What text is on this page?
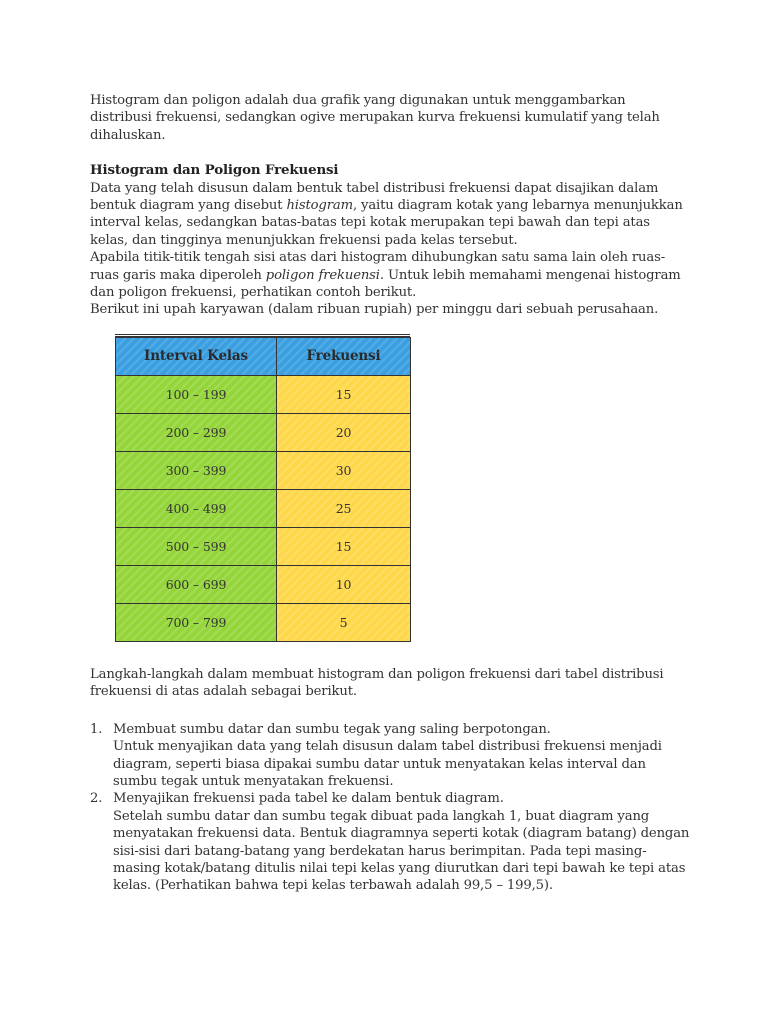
Histogram dan poligon adalah dua grafik yang digunakan untuk menggambarkan distribusi frekuensi, sedangkan ogive merupakan kurva frekuensi kumulatif yang telah dihaluskan.

Histogram dan Poligon Frekuensi

Data yang telah disusun dalam bentuk tabel distribusi frekuensi dapat disajikan dalam bentuk diagram yang disebut histogram, yaitu diagram kotak yang lebarnya menunjukkan interval kelas, sedangkan batas-batas tepi kotak merupakan tepi bawah dan tepi atas kelas, dan tingginya menunjukkan frekuensi pada kelas tersebut.

Apabila titik-titik tengah sisi atas dari histogram dihubungkan satu sama lain oleh ruas-ruas garis maka diperoleh poligon frekuensi. Untuk lebih memahami mengenai histogram dan poligon frekuensi, perhatikan contoh berikut.

Berikut ini upah karyawan (dalam ribuan rupiah) per minggu dari sebuah perusahaan.

Interval Kelas	Frekuensi
100 – 199	15
200 – 299	20
300 – 399	30
400 – 499	25
500 – 599	15
600 – 699	10
700 – 799	5

Langkah-langkah dalam membuat histogram dan poligon frekuensi dari tabel distribusi frekuensi di atas adalah sebagai berikut.

1. Membuat sumbu datar dan sumbu tegak yang saling berpotongan.
Untuk menyajikan data yang telah disusun dalam tabel distribusi frekuensi menjadi diagram, seperti biasa dipakai sumbu datar untuk menyatakan kelas interval dan sumbu tegak untuk menyatakan frekuensi.
2. Menyajikan frekuensi pada tabel ke dalam bentuk diagram.
Setelah sumbu datar dan sumbu tegak dibuat pada langkah 1, buat diagram yang menyatakan frekuensi data. Bentuk diagramnya seperti kotak (diagram batang) dengan sisi-sisi dari batang-batang yang berdekatan harus berimpitan. Pada tepi masing-masing kotak/batang ditulis nilai tepi kelas yang diurutkan dari tepi bawah ke tepi atas kelas. (Perhatikan bahwa tepi kelas terbawah adalah 99,5 – 199,5).
